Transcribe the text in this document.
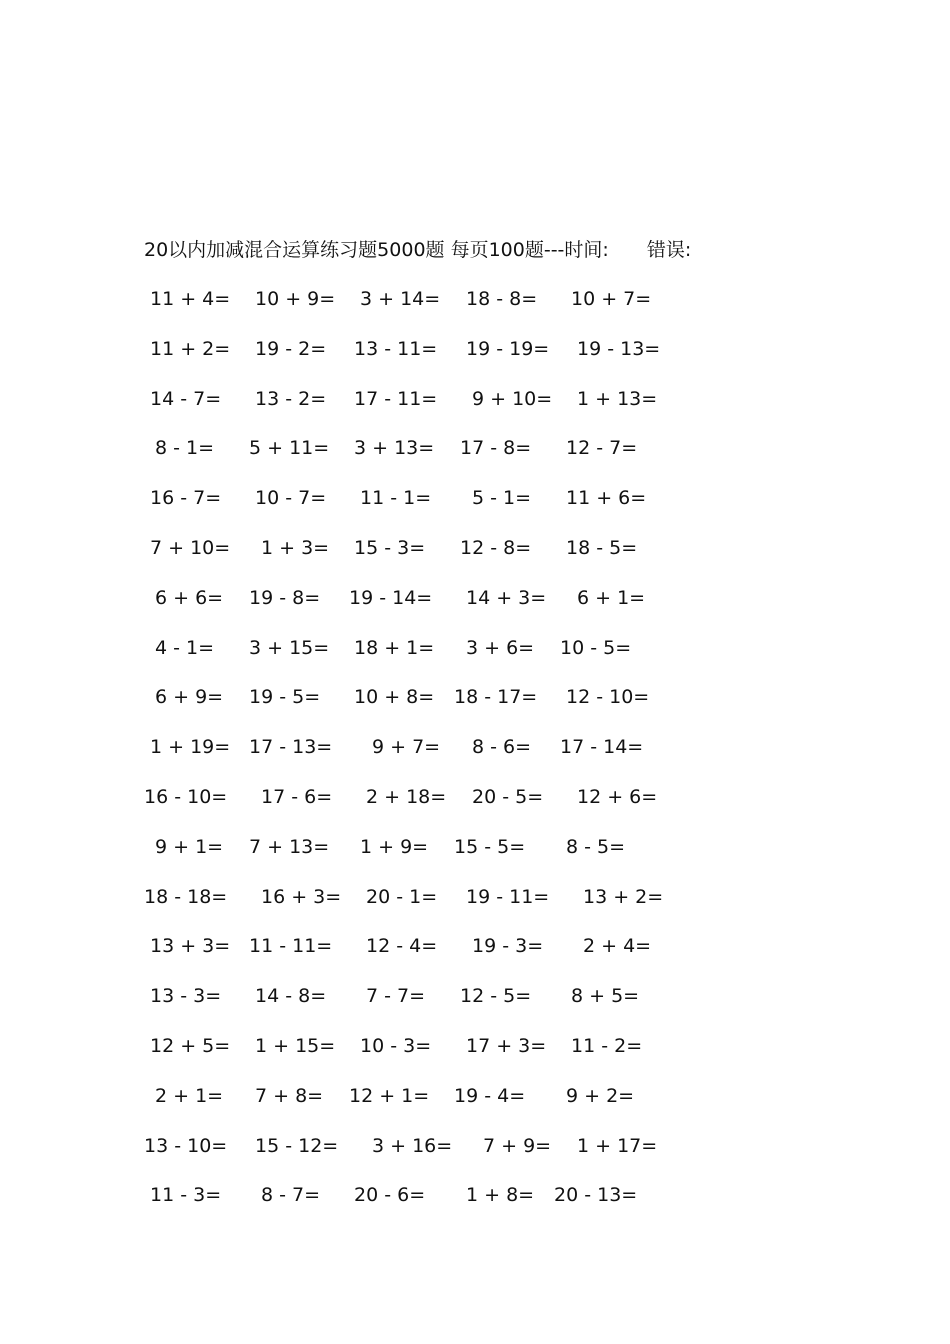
20以内加减混合运算练习题5000题 每页100题---时间: 错误:
11 + 4= 10 + 9= 3 + 14= 18 - 8= 10 + 7=
11 + 2= 19 - 2= 13 - 11= 19 - 19= 19 - 13=
14 - 7= 13 - 2= 17 - 11= 9 + 10= 1 + 13=
8 - 1= 5 + 11= 3 + 13= 17 - 8= 12 - 7=
16 - 7= 10 - 7= 11 - 1= 5 - 1= 11 + 6=
7 + 10= 1 + 3= 15 - 3= 12 - 8= 18 - 5=
6 + 6= 19 - 8= 19 - 14= 14 + 3= 6 + 1=
4 - 1= 3 + 15= 18 + 1= 3 + 6= 10 - 5=
6 + 9= 19 - 5= 10 + 8= 18 - 17= 12 - 10=
1 + 19= 17 - 13= 9 + 7= 8 - 6= 17 - 14=
16 - 10= 17 - 6= 2 + 18= 20 - 5= 12 + 6=
9 + 1= 7 + 13= 1 + 9= 15 - 5= 8 - 5=
18 - 18= 16 + 3= 20 - 1= 19 - 11= 13 + 2=
13 + 3= 11 - 11= 12 - 4= 19 - 3= 2 + 4=
13 - 3= 14 - 8= 7 - 7= 12 - 5= 8 + 5=
12 + 5= 1 + 15= 10 - 3= 17 + 3= 11 - 2=
2 + 1= 7 + 8= 12 + 1= 19 - 4= 9 + 2=
13 - 10= 15 - 12= 3 + 16= 7 + 9= 1 + 17=
11 - 3= 8 - 7= 20 - 6= 1 + 8= 20 - 13=
